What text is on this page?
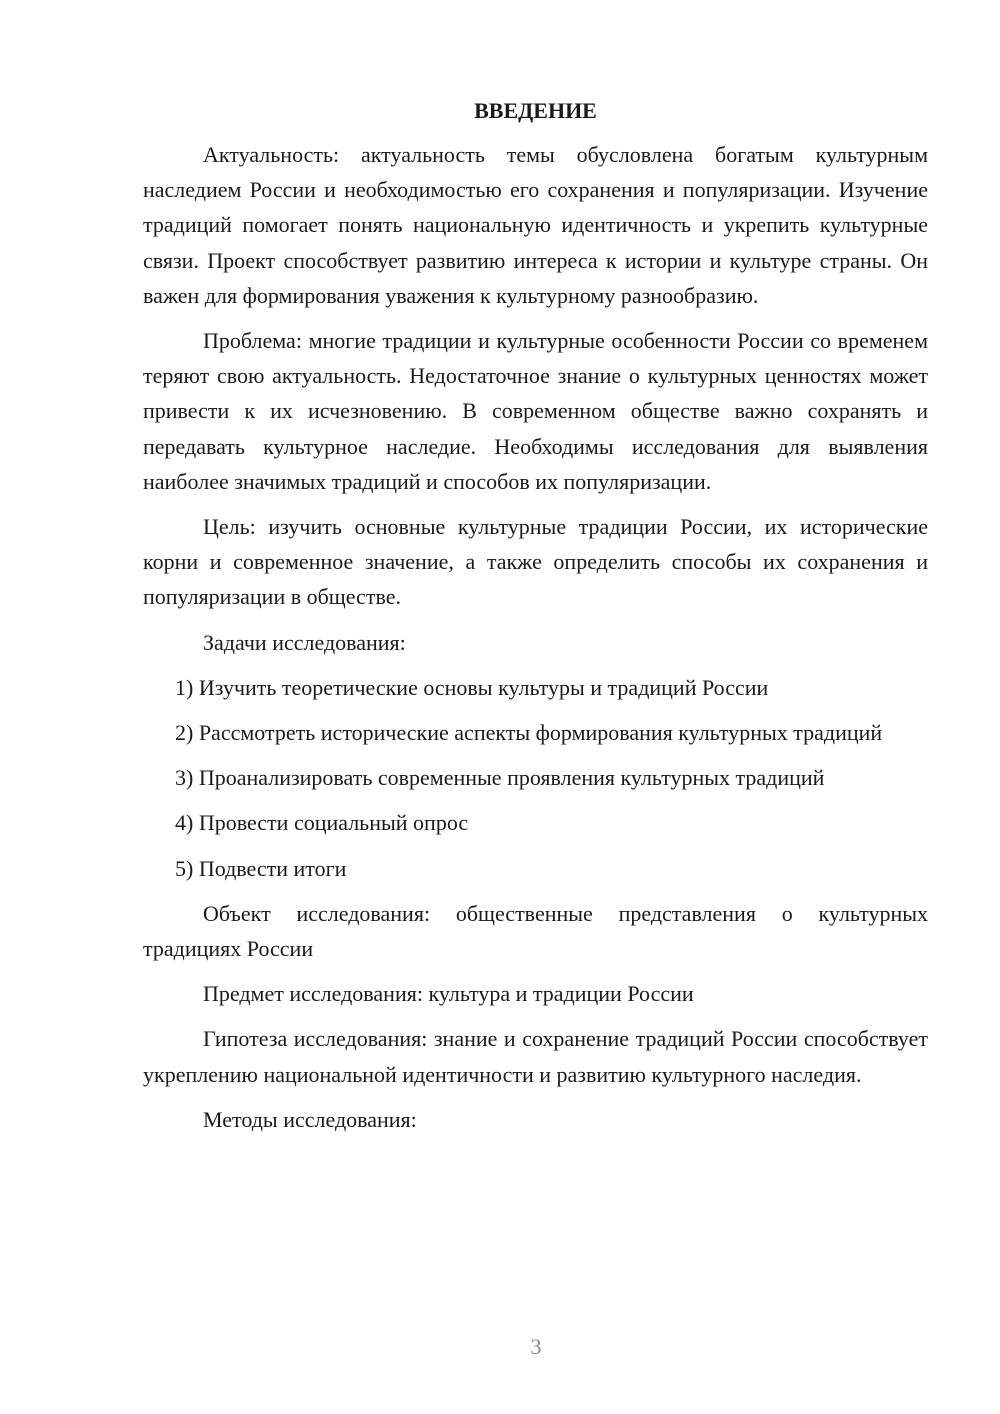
ВВЕДЕНИЕ

Актуальность: актуальность темы обусловлена богатым культурным наследием России и необходимостью его сохранения и популяризации. Изучение традиций помогает понять национальную идентичность и укрепить культурные связи. Проект способствует развитию интереса к истории и культуре страны. Он важен для формирования уважения к культурному разнообразию.

Проблема: многие традиции и культурные особенности России со временем теряют свою актуальность. Недостаточное знание о культурных ценностях может привести к их исчезновению. В современном обществе важно сохранять и передавать культурное наследие. Необходимы исследования для выявления наиболее значимых традиций и способов их популяризации.

Цель: изучить основные культурные традиции России, их исторические корни и современное значение, а также определить способы их сохранения и популяризации в обществе.

Задачи исследования:

1) Изучить теоретические основы культуры и традиций России

2) Рассмотреть исторические аспекты формирования культурных традиций

3) Проанализировать современные проявления культурных традиций

4) Провести социальный опрос

5) Подвести итоги

Объект исследования: общественные представления о культурных традициях России

Предмет исследования: культура и традиции России

Гипотеза исследования: знание и сохранение традиций России способствует укреплению национальной идентичности и развитию культурного наследия.

Методы исследования:

3
